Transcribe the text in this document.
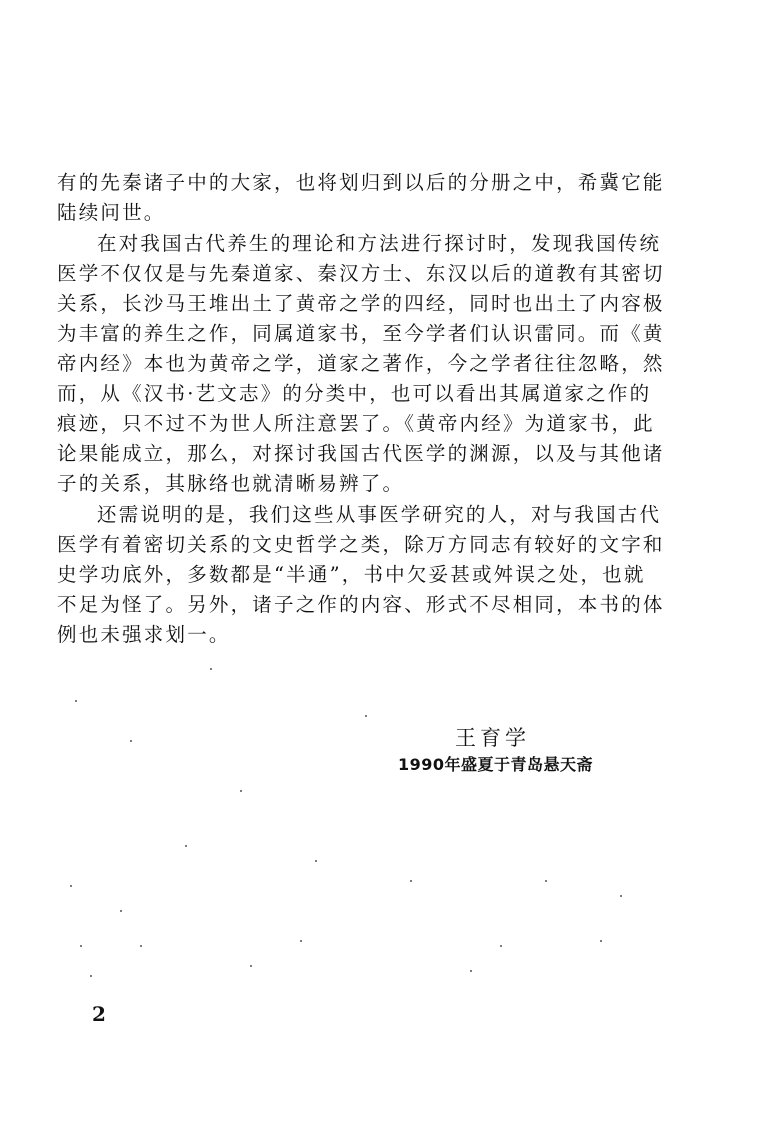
有的先秦诸子中的大家，也将划归到以后的分册之中，希冀它能
陆续问世。
在对我国古代养生的理论和方法进行探讨时，发现我国传统
医学不仅仅是与先秦道家、秦汉方士、东汉以后的道教有其密切
关系，长沙马王堆出土了黄帝之学的四经，同时也出土了内容极
为丰富的养生之作，同属道家书，至今学者们认识雷同。而《黄
帝内经》本也为黄帝之学，道家之著作，今之学者往往忽略，然
而，从《汉书·艺文志》的分类中，也可以看出其属道家之作的
痕迹，只不过不为世人所注意罢了。《黄帝内经》为道家书，此
论果能成立，那么，对探讨我国古代医学的渊源，以及与其他诸
子的关系，其脉络也就清晰易辨了。
还需说明的是，我们这些从事医学研究的人，对与我国古代
医学有着密切关系的文史哲学之类，除万方同志有较好的文字和
史学功底外，多数都是“半通”，书中欠妥甚或舛误之处，也就
不足为怪了。另外，诸子之作的内容、形式不尽相同，本书的体
例也未强求划一。
王育学
1990年盛夏于青岛悬天斋
2
